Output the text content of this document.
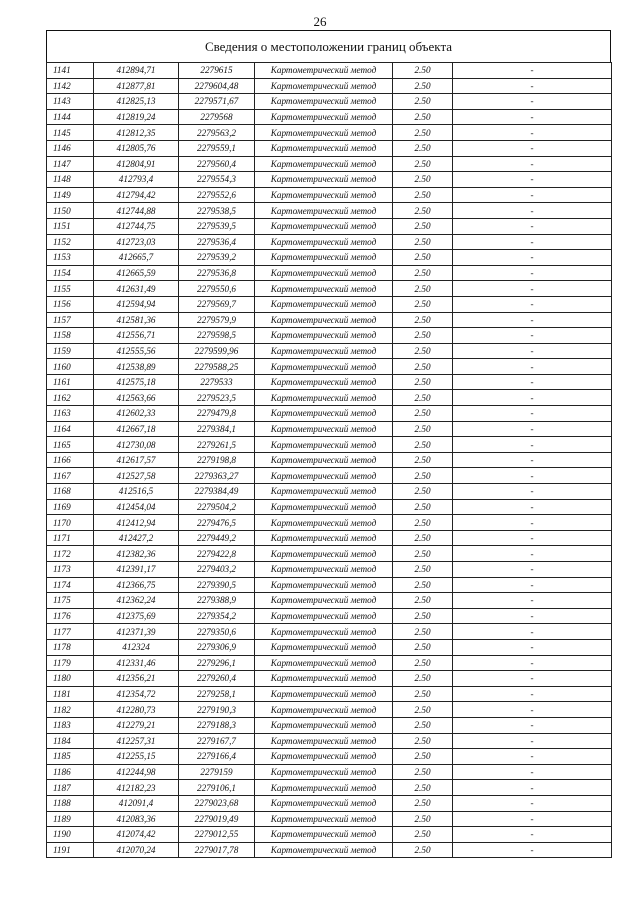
26
Сведения о местоположении границ объекта
1141	412894,71	2279615	Картометрический метод	2.50	-
1142	412877,81	2279604,48	Картометрический метод	2.50	-
1143	412825,13	2279571,67	Картометрический метод	2.50	-
1144	412819,24	2279568	Картометрический метод	2.50	-
1145	412812,35	2279563,2	Картометрический метод	2.50	-
1146	412805,76	2279559,1	Картометрический метод	2.50	-
1147	412804,91	2279560,4	Картометрический метод	2.50	-
1148	412793,4	2279554,3	Картометрический метод	2.50	-
1149	412794,42	2279552,6	Картометрический метод	2.50	-
1150	412744,88	2279538,5	Картометрический метод	2.50	-
1151	412744,75	2279539,5	Картометрический метод	2.50	-
1152	412723,03	2279536,4	Картометрический метод	2.50	-
1153	412665,7	2279539,2	Картометрический метод	2.50	-
1154	412665,59	2279536,8	Картометрический метод	2.50	-
1155	412631,49	2279550,6	Картометрический метод	2.50	-
1156	412594,94	2279569,7	Картометрический метод	2.50	-
1157	412581,36	2279579,9	Картометрический метод	2.50	-
1158	412556,71	2279598,5	Картометрический метод	2.50	-
1159	412555,56	2279599,96	Картометрический метод	2.50	-
1160	412538,89	2279588,25	Картометрический метод	2.50	-
1161	412575,18	2279533	Картометрический метод	2.50	-
1162	412563,66	2279523,5	Картометрический метод	2.50	-
1163	412602,33	2279479,8	Картометрический метод	2.50	-
1164	412667,18	2279384,1	Картометрический метод	2.50	-
1165	412730,08	2279261,5	Картометрический метод	2.50	-
1166	412617,57	2279198,8	Картометрический метод	2.50	-
1167	412527,58	2279363,27	Картометрический метод	2.50	-
1168	412516,5	2279384,49	Картометрический метод	2.50	-
1169	412454,04	2279504,2	Картометрический метод	2.50	-
1170	412412,94	2279476,5	Картометрический метод	2.50	-
1171	412427,2	2279449,2	Картометрический метод	2.50	-
1172	412382,36	2279422,8	Картометрический метод	2.50	-
1173	412391,17	2279403,2	Картометрический метод	2.50	-
1174	412366,75	2279390,5	Картометрический метод	2.50	-
1175	412362,24	2279388,9	Картометрический метод	2.50	-
1176	412375,69	2279354,2	Картометрический метод	2.50	-
1177	412371,39	2279350,6	Картометрический метод	2.50	-
1178	412324	2279306,9	Картометрический метод	2.50	-
1179	412331,46	2279296,1	Картометрический метод	2.50	-
1180	412356,21	2279260,4	Картометрический метод	2.50	-
1181	412354,72	2279258,1	Картометрический метод	2.50	-
1182	412280,73	2279190,3	Картометрический метод	2.50	-
1183	412279,21	2279188,3	Картометрический метод	2.50	-
1184	412257,31	2279167,7	Картометрический метод	2.50	-
1185	412255,15	2279166,4	Картометрический метод	2.50	-
1186	412244,98	2279159	Картометрический метод	2.50	-
1187	412182,23	2279106,1	Картометрический метод	2.50	-
1188	412091,4	2279023,68	Картометрический метод	2.50	-
1189	412083,36	2279019,49	Картометрический метод	2.50	-
1190	412074,42	2279012,55	Картометрический метод	2.50	-
1191	412070,24	2279017,78	Картометрический метод	2.50	-
